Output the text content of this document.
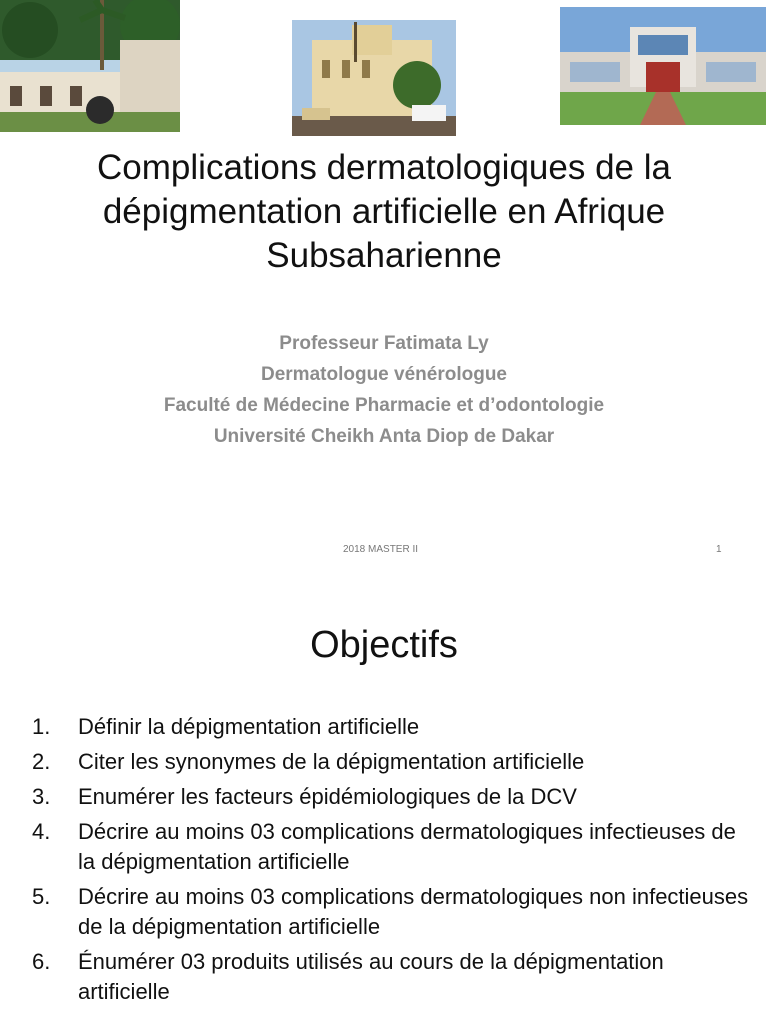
Complications dermatologiques de la
dépigmentation artificielle en Afrique
Subsaharienne
Professeur Fatimata Ly
Dermatologue vénérologue
Faculté de Médecine Pharmacie et d’odontologie
Université Cheikh Anta Diop de Dakar
2018 MASTER II	1
Objectifs
1.	Définir la dépigmentation artificielle
2.	Citer les synonymes de la dépigmentation artificielle
3.	Enumérer les facteurs épidémiologiques de la DCV
4.	Décrire au moins 03 complications dermatologiques infectieuses de la dépigmentation artificielle
5.	Décrire au moins 03 complications dermatologiques non infectieuses de la dépigmentation artificielle
6.	Énumérer 03 produits utilisés au cours de la dépigmentation artificielle
